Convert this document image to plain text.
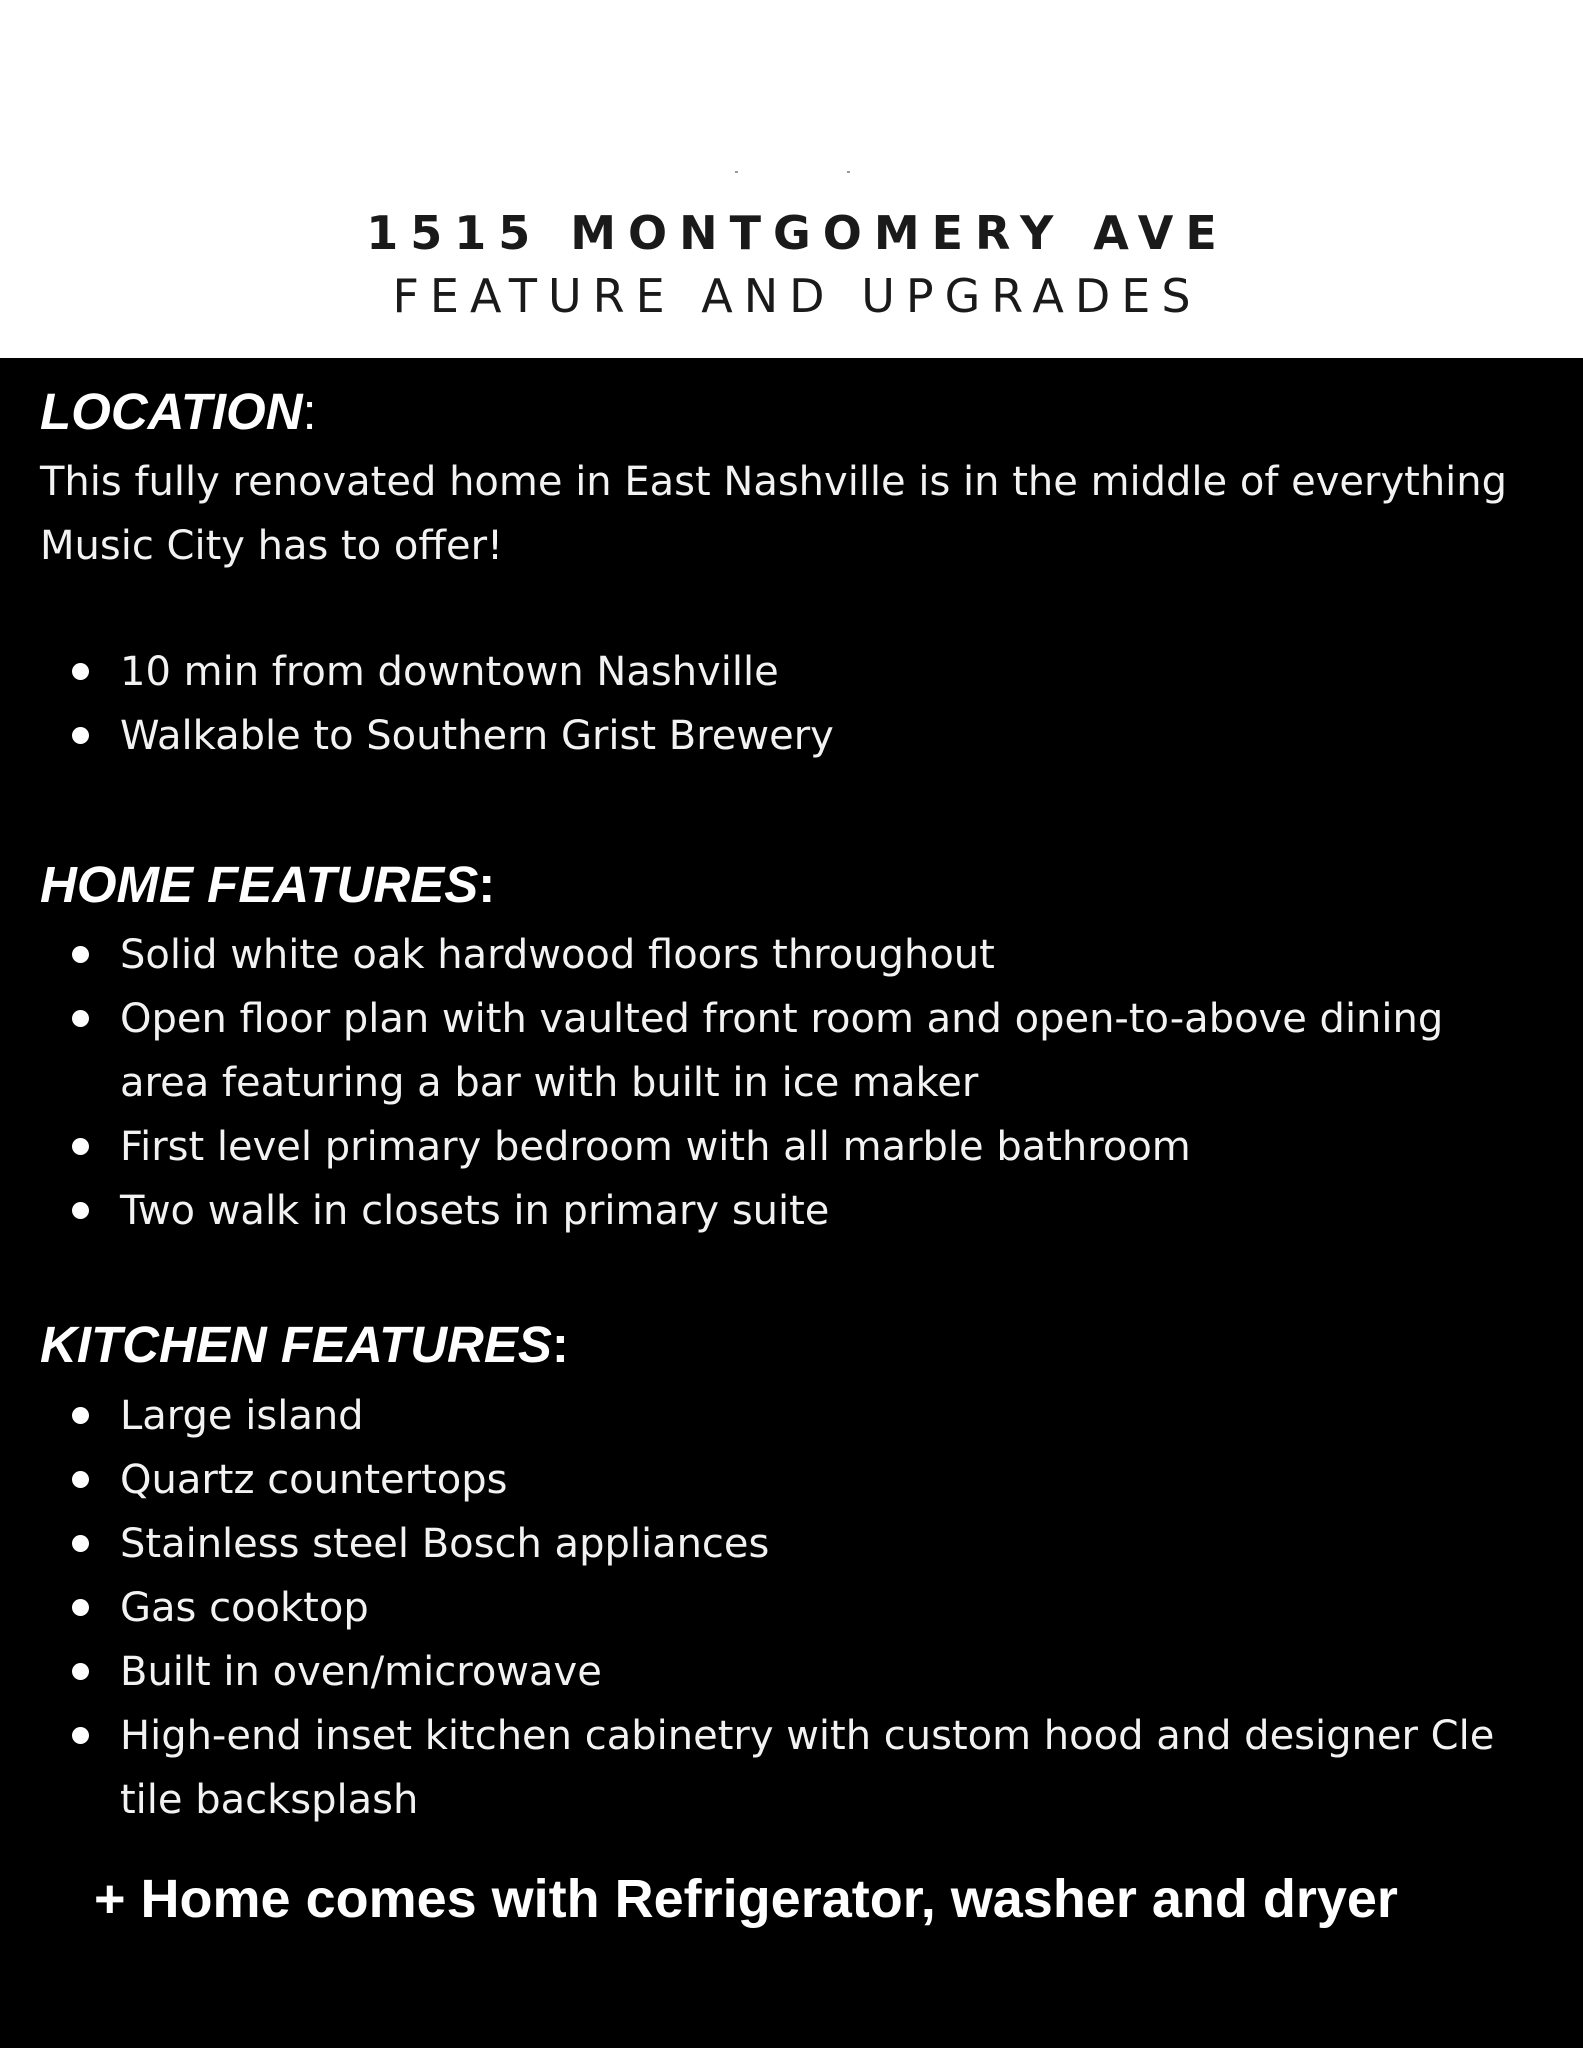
1515 MONTGOMERY AVE
FEATURE AND UPGRADES
LOCATION:
This fully renovated home in East Nashville is in the middle of everything Music City has to offer!
10 min from downtown Nashville
Walkable to Southern Grist Brewery
HOME FEATURES:
Solid white oak hardwood floors throughout
Open floor plan with vaulted front room and open-to-above dining area featuring a bar with built in ice maker
First level primary bedroom with all marble bathroom
Two walk in closets in primary suite
KITCHEN FEATURES:
Large island
Quartz countertops
Stainless steel Bosch appliances
Gas cooktop
Built in oven/microwave
High-end inset kitchen cabinetry with custom hood and designer Cle tile backsplash
+ Home comes with Refrigerator, washer and dryer
